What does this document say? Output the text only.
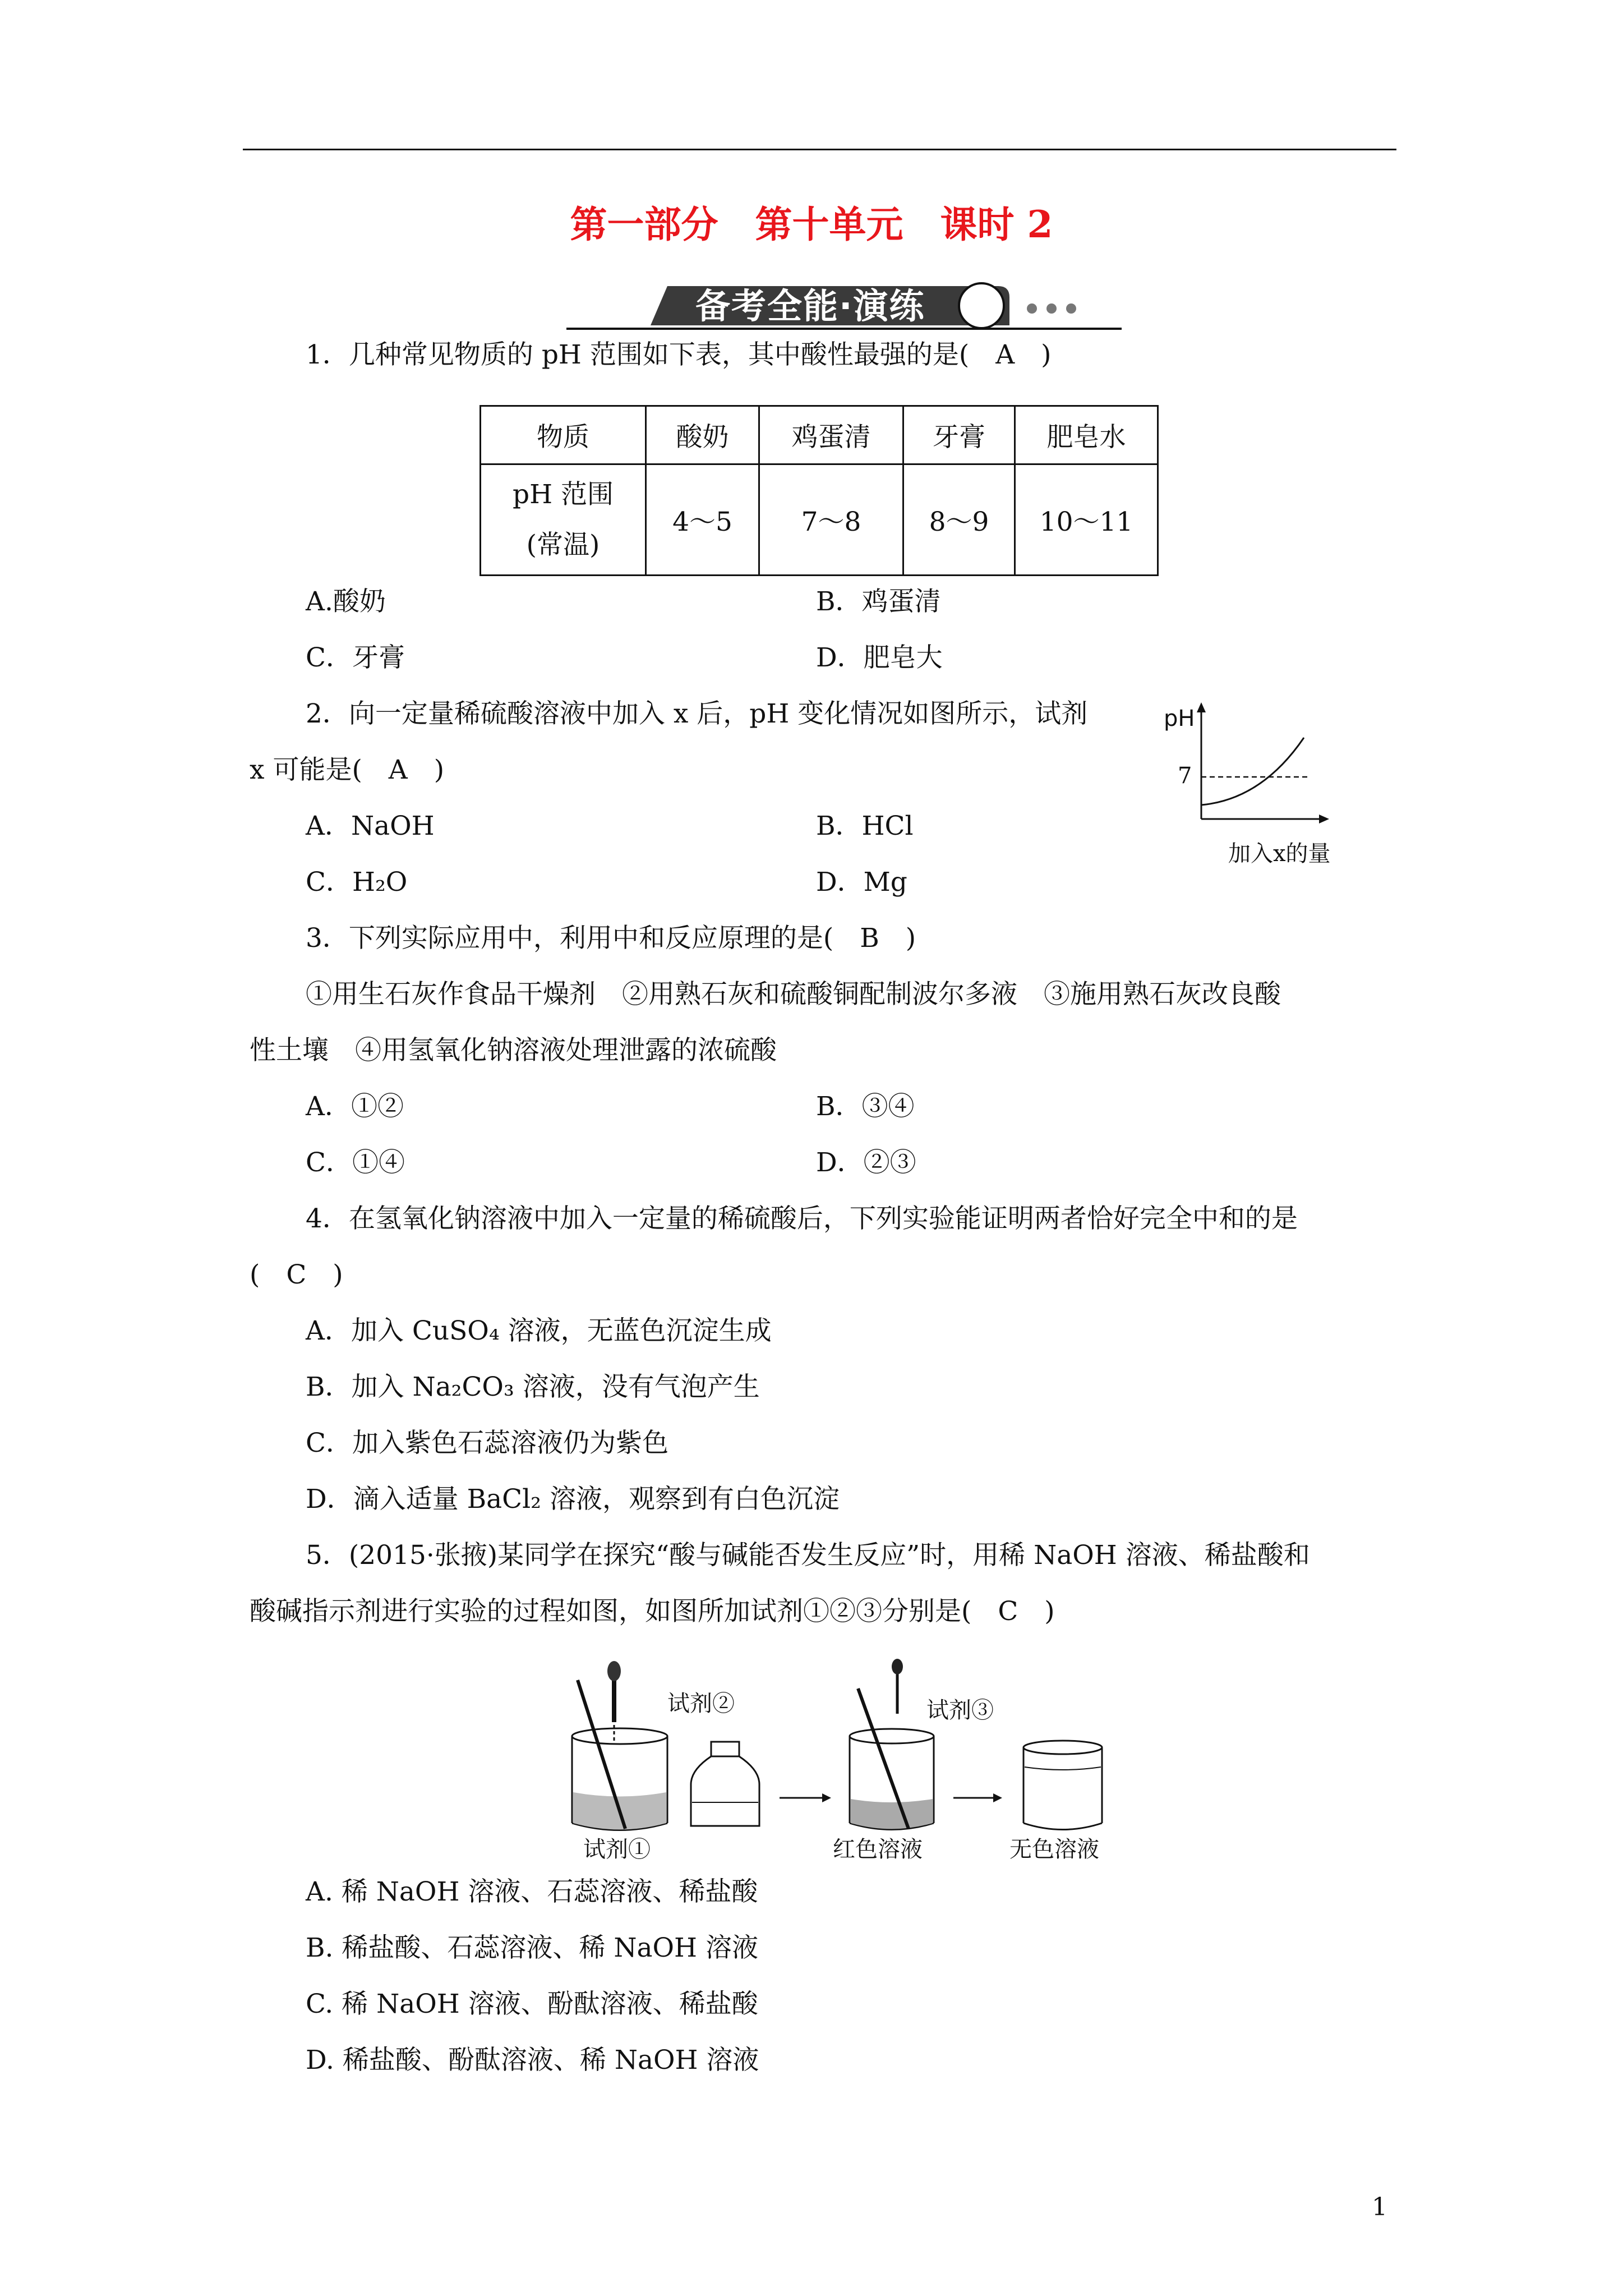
第一部分　第十单元　课时 2
备考全能·演练
1．几种常见物质的 pH 范围如下表，其中酸性最强的是(　A　)
物质	酸奶	鸡蛋清	牙膏	肥皂水

pH 范围
(常温)	4～5	7～8	8～9	10～11
A.酸奶	B．鸡蛋清
C．牙膏	D．肥皂大
2．向一定量稀硫酸溶液中加入 x 后，pH 变化情况如图所示，试剂
x 可能是(　A　)
A．NaOH	B．HCl
C．H₂O	D．Mg
pH
7
加入x的量
3．下列实际应用中，利用中和反应原理的是(　B　)
①用生石灰作食品干燥剂　②用熟石灰和硫酸铜配制波尔多液　③施用熟石灰改良酸
性土壤　④用氢氧化钠溶液处理泄露的浓硫酸
A．①②	B．③④
C．①④	D．②③
4．在氢氧化钠溶液中加入一定量的稀硫酸后，下列实验能证明两者恰好完全中和的是
(　C　)
A．加入 CuSO₄ 溶液，无蓝色沉淀生成
B．加入 Na₂CO₃ 溶液，没有气泡产生
C．加入紫色石蕊溶液仍为紫色
D．滴入适量 BaCl₂ 溶液，观察到有白色沉淀
5．(2015·张掖)某同学在探究“酸与碱能否发生反应”时，用稀 NaOH 溶液、稀盐酸和
酸碱指示剂进行实验的过程如图，如图所加试剂①②③分别是(　C　)
试剂①
试剂②	试剂③
红色溶液	无色溶液
A. 稀 NaOH 溶液、石蕊溶液、稀盐酸
B. 稀盐酸、石蕊溶液、稀 NaOH 溶液
C. 稀 NaOH 溶液、酚酞溶液、稀盐酸
D. 稀盐酸、酚酞溶液、稀 NaOH 溶液
1
